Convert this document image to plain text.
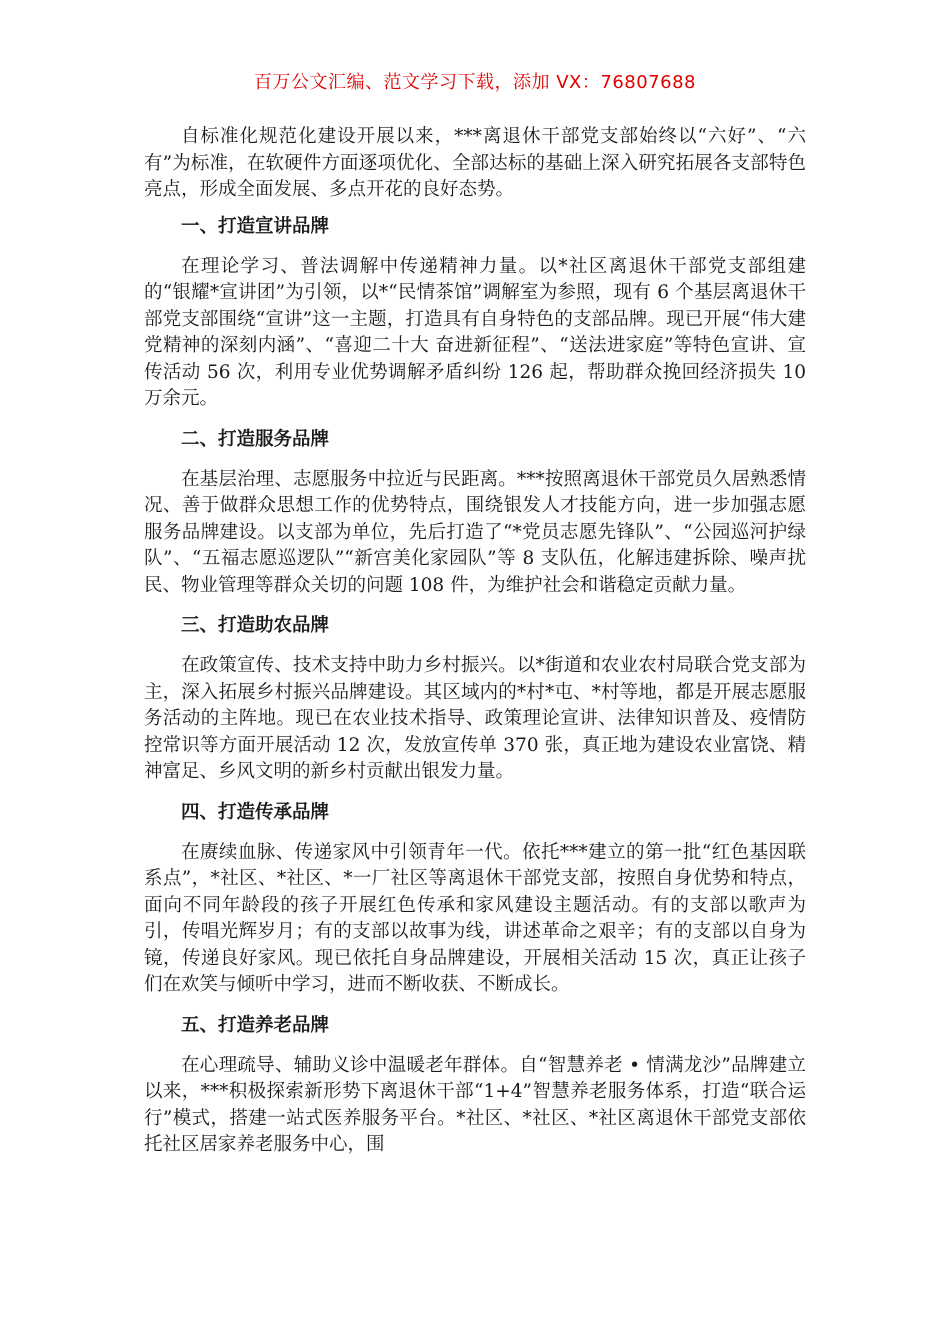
百万公文汇编、范文学习下载，添加 VX：76807688

自标准化规范化建设开展以来，***离退休干部党支部始终以“六好”、“六有”为标准，在软硬件方面逐项优化、全部达标的基础上深入研究拓展各支部特色亮点，形成全面发展、多点开花的良好态势。

一、打造宣讲品牌

在理论学习、普法调解中传递精神力量。以*社区离退休干部党支部组建的“银耀*宣讲团”为引领，以*“民情茶馆”调解室为参照，现有 6 个基层离退休干部党支部围绕“宣讲”这一主题，打造具有自身特色的支部品牌。现已开展“伟大建党精神的深刻内涵”、“喜迎二十大 奋进新征程”、“送法进家庭”等特色宣讲、宣传活动 56 次，利用专业优势调解矛盾纠纷 126 起，帮助群众挽回经济损失 10 万余元。

二、打造服务品牌

在基层治理、志愿服务中拉近与民距离。***按照离退休干部党员久居熟悉情况、善于做群众思想工作的优势特点，围绕银发人才技能方向，进一步加强志愿服务品牌建设。以支部为单位，先后打造了“*党员志愿先锋队”、“公园巡河护绿队”、“五福志愿巡逻队”“新宫美化家园队”等 8 支队伍，化解违建拆除、噪声扰民、物业管理等群众关切的问题 108 件，为维护社会和谐稳定贡献力量。

三、打造助农品牌

在政策宣传、技术支持中助力乡村振兴。以*街道和农业农村局联合党支部为主，深入拓展乡村振兴品牌建设。其区域内的*村*屯、*村等地，都是开展志愿服务活动的主阵地。现已在农业技术指导、政策理论宣讲、法律知识普及、疫情防控常识等方面开展活动 12 次，发放宣传单 370 张，真正地为建设农业富饶、精神富足、乡风文明的新乡村贡献出银发力量。

四、打造传承品牌

在赓续血脉、传递家风中引领青年一代。依托***建立的第一批“红色基因联系点”，*社区、*社区、*一厂社区等离退休干部党支部，按照自身优势和特点，面向不同年龄段的孩子开展红色传承和家风建设主题活动。有的支部以歌声为引，传唱光辉岁月；有的支部以故事为线，讲述革命之艰辛；有的支部以自身为镜，传递良好家风。现已依托自身品牌建设，开展相关活动 15 次，真正让孩子们在欢笑与倾听中学习，进而不断收获、不断成长。

五、打造养老品牌

在心理疏导、辅助义诊中温暖老年群体。自“智慧养老 • 情满龙沙”品牌建立以来，***积极探索新形势下离退休干部“1+4”智慧养老服务体系，打造“联合运行”模式，搭建一站式医养服务平台。*社区、*社区、*社区离退休干部党支部依托社区居家养老服务中心，围
